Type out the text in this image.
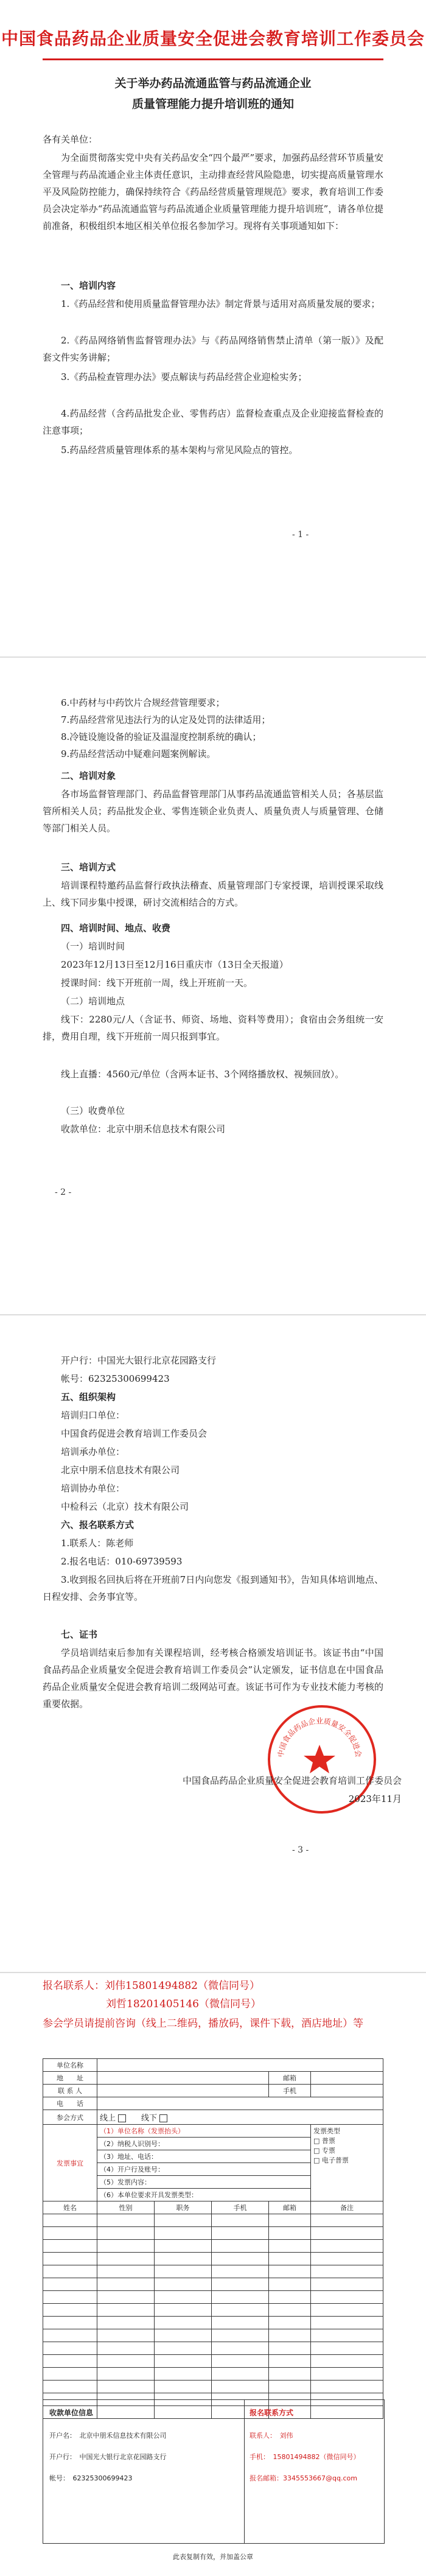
中国食品药品企业质量安全促进会教育培训工作委员会
关于举办药品流通监管与药品流通企业
质量管理能力提升培训班的通知
各有关单位：
为全面贯彻落实党中央有关药品安全“四个最严”要求，加强药品经营环节质量安全管理与药品流通企业主体责任意识，主动排查经营风险隐患，切实提高质量管理水平及风险防控能力，确保持续符合《药品经营质量管理规范》要求，教育培训工作委员会决定举办“药品流通监管与药品流通企业质量管理能力提升培训班”，请各单位提前准备，积极组织本地区相关单位报名参加学习。现将有关事项通知如下：
一、培训内容
1.《药品经营和使用质量监督管理办法》制定背景与适用对高质量发展的要求；
2.《药品网络销售监督管理办法》与《药品网络销售禁止清单（第一版）》及配套文件实务讲解；
3.《药品检查管理办法》要点解读与药品经营企业迎检实务；
4.药品经营（含药品批发企业、零售药店）监督检查重点及企业迎接监督检查的注意事项；
5.药品经营质量管理体系的基本架构与常见风险点的管控。
- 1 -
6.中药材与中药饮片合规经营管理要求；
7.药品经营常见违法行为的认定及处罚的法律适用；
8.冷链设施设备的验证及温湿度控制系统的确认；
9.药品经营活动中疑难问题案例解读。
二、培训对象
各市场监督管理部门、药品监督管理部门从事药品流通监管相关人员；各基层监管所相关人员；药品批发企业、零售连锁企业负责人、质量负责人与质量管理、仓储等部门相关人员。
三、培训方式
培训课程特邀药品监督行政执法稽查、质量管理部门专家授课，培训授课采取线上、线下同步集中授课，研讨交流相结合的方式。
四、培训时间、地点、收费
（一）培训时间
2023年12月13日至12月16日重庆市（13日全天报道）
授课时间：线下开班前一周，线上开班前一天。
（二）培训地点
线下：2280元/人（含证书、师资、场地、资料等费用）；食宿由会务组统一安排，费用自理，线下开班前一周只报到事宜。
线上直播：4560元/单位（含两本证书、3个网络播放权、视频回放）。
（三）收费单位
收款单位：北京中朋禾信息技术有限公司
- 2 -
开户行：中国光大银行北京花园路支行
帐号：62325300699423
五、组织架构
培训归口单位：
中国食药促进会教育培训工作委员会
培训承办单位：
北京中朋禾信息技术有限公司
培训协办单位：
中检科云（北京）技术有限公司
六、报名联系方式
1.联系人：陈老师
2.报名电话：010-69739593
3.收到报名回执后将在开班前7日内向您发《报到通知书》，告知具体培训地点、日程安排、会务事宜等。
七、证书
学员培训结束后参加有关课程培训，经考核合格颁发培训证书。该证书由“中国食品药品企业质量安全促进会教育培训工作委员会”认定颁发，证书信息在中国食品药品企业质量安全促进会教育培训二级网站可查。该证书可作为专业技术能力考核的重要依据。
中国食品药品企业质量安全促进会
中国食品药品企业质量安全促进会教育培训工作委员会
2023年11月
- 3 -
报名联系人：刘伟15801494882（微信同号）
刘哲18201405146（微信同号）
参会学员请提前咨询（线上二维码，播放码，课件下载，酒店地址）等
单位名称					
地　　址				邮箱	
联 系 人				手机	
电　　话					
参会方式	线上 线下				
发票事宜	（1）单位名称（发票抬头）				发票类型
□ 普票
□ 专票
□ 电子普票

	（2）纳税人识别号：				
	（3）地址、电话：				
	（4）开户行及账号：				
	（5）发票内容：				
	（6）本单位要求开具发票类型：				
姓名	性别	职务	手机	邮箱	备注

收款单位信息
开户名：　北京中朋禾信息技术有限公司
开户行：　中国光大银行北京花园路支行
帐号：　62325300699423
报名联系方式
联系人：　刘伟
手机：　15801494882（微信同号）
报名邮箱：3345553667@qq.com
此表复制有效，并加盖公章
